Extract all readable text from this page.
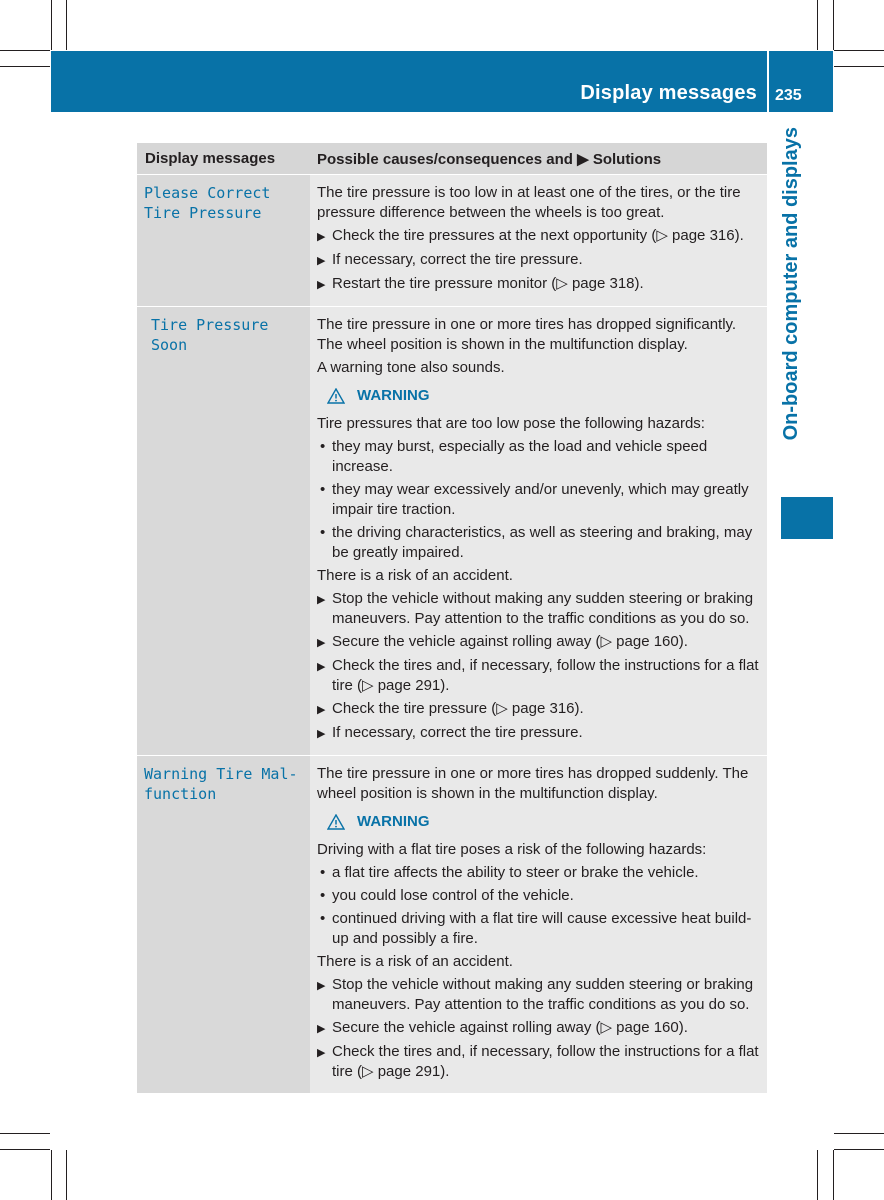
Display messages 235
On-board computer and displays
Display messages	Possible causes/consequences and ▶ Solutions
Please Correct
Tire Pressure
The tire pressure is too low in at least one of the tires, or the tire pressure difference between the wheels is too great.
▶ Check the tire pressures at the next opportunity (▷ page 316).
▶ If necessary, correct the tire pressure.
▶ Restart the tire pressure monitor (▷ page 318).
Tire Pressure Soon
The tire pressure in one or more tires has dropped significantly. The wheel position is shown in the multifunction display.
A warning tone also sounds.
WARNING
Tire pressures that are too low pose the following hazards:
• they may burst, especially as the load and vehicle speed increase.
• they may wear excessively and/or unevenly, which may greatly impair tire traction.
• the driving characteristics, as well as steering and braking, may be greatly impaired.
There is a risk of an accident.
▶ Stop the vehicle without making any sudden steering or braking maneuvers. Pay attention to the traffic conditions as you do so.
▶ Secure the vehicle against rolling away (▷ page 160).
▶ Check the tires and, if necessary, follow the instructions for a flat tire (▷ page 291).
▶ Check the tire pressure (▷ page 316).
▶ If necessary, correct the tire pressure.
Warning Tire Mal-
function
The tire pressure in one or more tires has dropped suddenly. The wheel position is shown in the multifunction display.
WARNING
Driving with a flat tire poses a risk of the following hazards:
• a flat tire affects the ability to steer or brake the vehicle.
• you could lose control of the vehicle.
• continued driving with a flat tire will cause excessive heat build-up and possibly a fire.
There is a risk of an accident.
▶ Stop the vehicle without making any sudden steering or braking maneuvers. Pay attention to the traffic conditions as you do so.
▶ Secure the vehicle against rolling away (▷ page 160).
▶ Check the tires and, if necessary, follow the instructions for a flat tire (▷ page 291).
